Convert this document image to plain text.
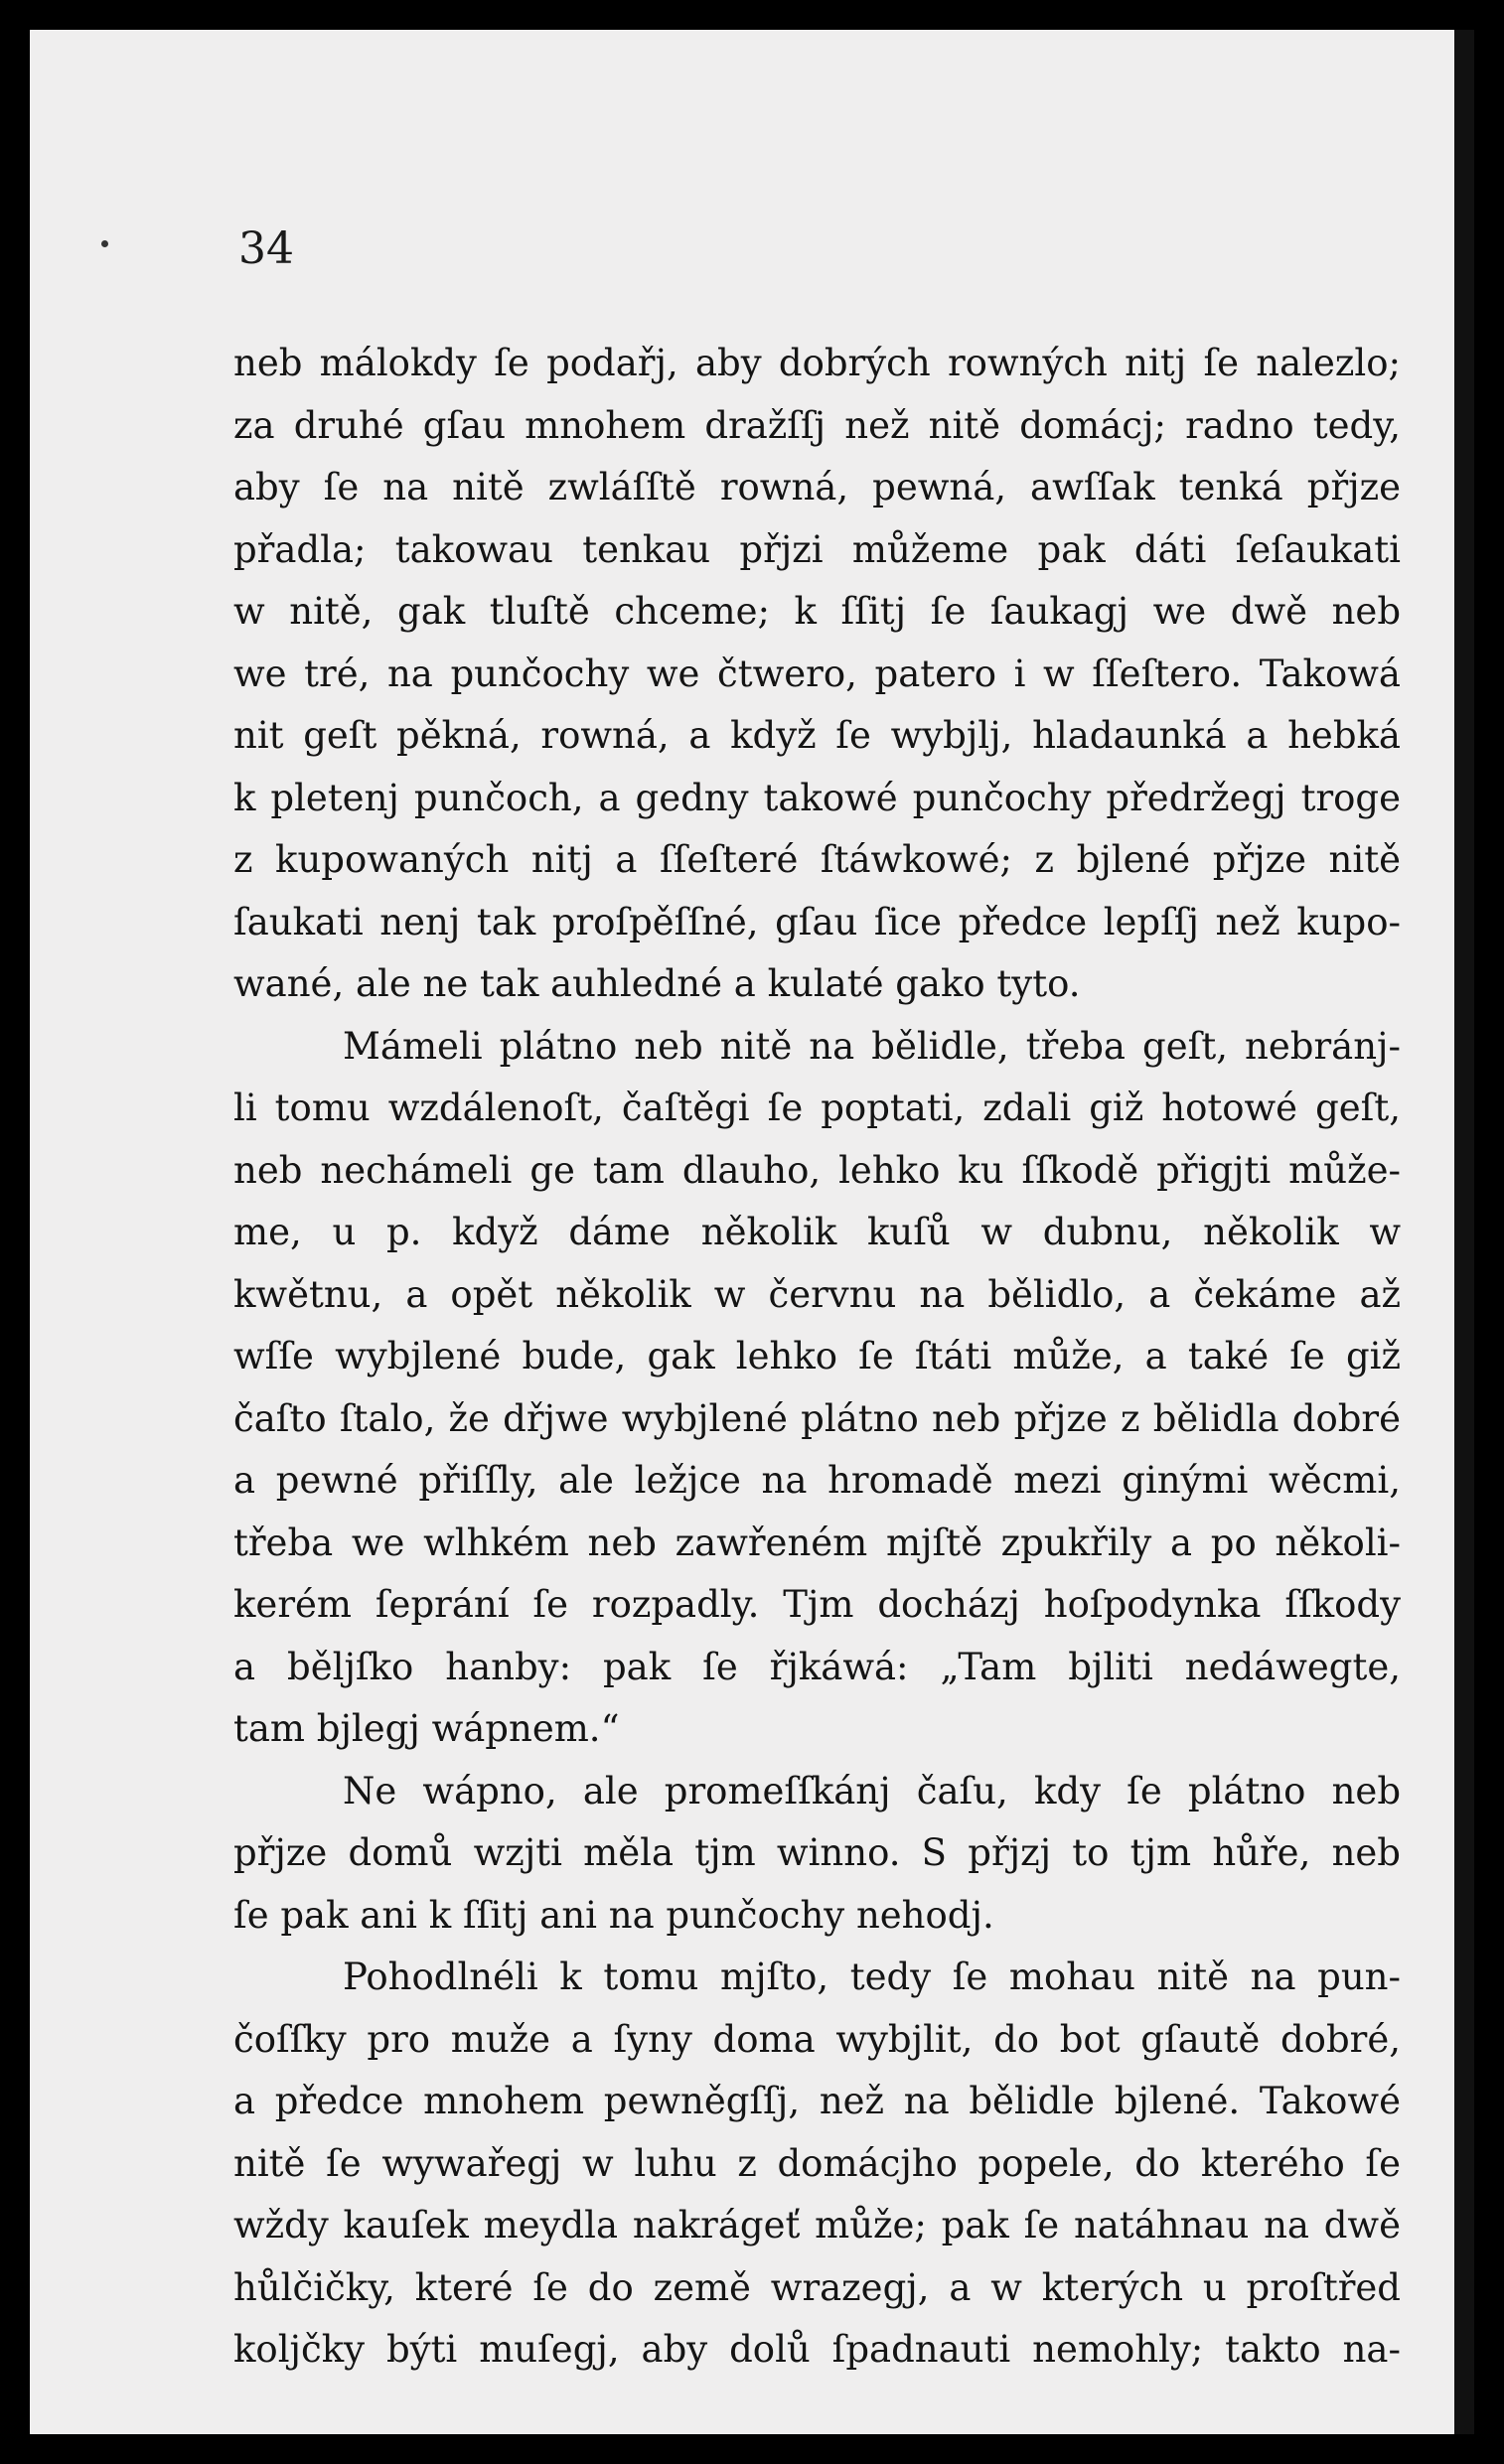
34
neb málokdy ſe podařj, aby dobrých rowných nitj ſe nalezlo;
za druhé gſau mnohem dražſſj než nitě domácj; radno tedy,
aby ſe na nitě zwláſſtě rowná, pewná, awſſak tenká přjze
přadla; takowau tenkau přjzi můžeme pak dáti ſeſaukati
w nitě, gak tluſtě chceme; k ſſitj ſe ſaukagj we dwě neb
we tré, na punčochy we čtwero, patero i w ſſeſtero. Takowá
nit geſt pěkná, rowná, a když ſe wybjlj, hladaunká a hebká
k pletenj punčoch, a gedny takowé punčochy předržegj troge
z kupowaných nitj a ſſeſteré ſtáwkowé; z bjlené přjze nitě
ſaukati nenj tak proſpěſſné, gſau ſice předce lepſſj než kupo-
wané, ale ne tak auhledné a kulaté gako tyto.
Mámeli plátno neb nitě na bělidle, třeba geſt, nebránj-
li tomu wzdálenoſt, čaſtěgi ſe poptati, zdali giž hotowé geſt,
neb nechámeli ge tam dlauho, lehko ku ſſkodě přigjti může-
me, u p. když dáme několik kuſů w dubnu, několik w
kwětnu, a opět několik w červnu na bělidlo, a čekáme až
wſſe wybjlené bude, gak lehko ſe ſtáti může, a také ſe giž
čaſto ſtalo, že dřjwe wybjlené plátno neb přjze z bělidla dobré
a pewné přiſſly, ale ležjce na hromadě mezi ginými wěcmi,
třeba we wlhkém neb zawřeném mjſtě zpukřily a po několi-
kerém ſeprání ſe rozpadly. Tjm docházj hoſpodynka ſſkody
a běljſko hanby: pak ſe řjkáwá: „Tam bjliti nedáwegte,
tam bjlegj wápnem.“
Ne wápno, ale promeſſkánj čaſu, kdy ſe plátno neb
přjze domů wzjti měla tjm winno. S přjzj to tjm hůře, neb
ſe pak ani k ſſitj ani na punčochy nehodj.
Pohodlnéli k tomu mjſto, tedy ſe mohau nitě na pun-
čoſſky pro muže a ſyny doma wybjlit, do bot gſautě dobré,
a předce mnohem pewněgſſj, než na bělidle bjlené. Takowé
nitě ſe wywařegj w luhu z domácjho popele, do kterého ſe
wždy kauſek meydla nakrágeť může; pak ſe natáhnau na dwě
hůlčičky, které ſe do země wrazegj, a w kterých u proſtřed
koljčky býti muſegj, aby dolů ſpadnauti nemohly; takto na-
